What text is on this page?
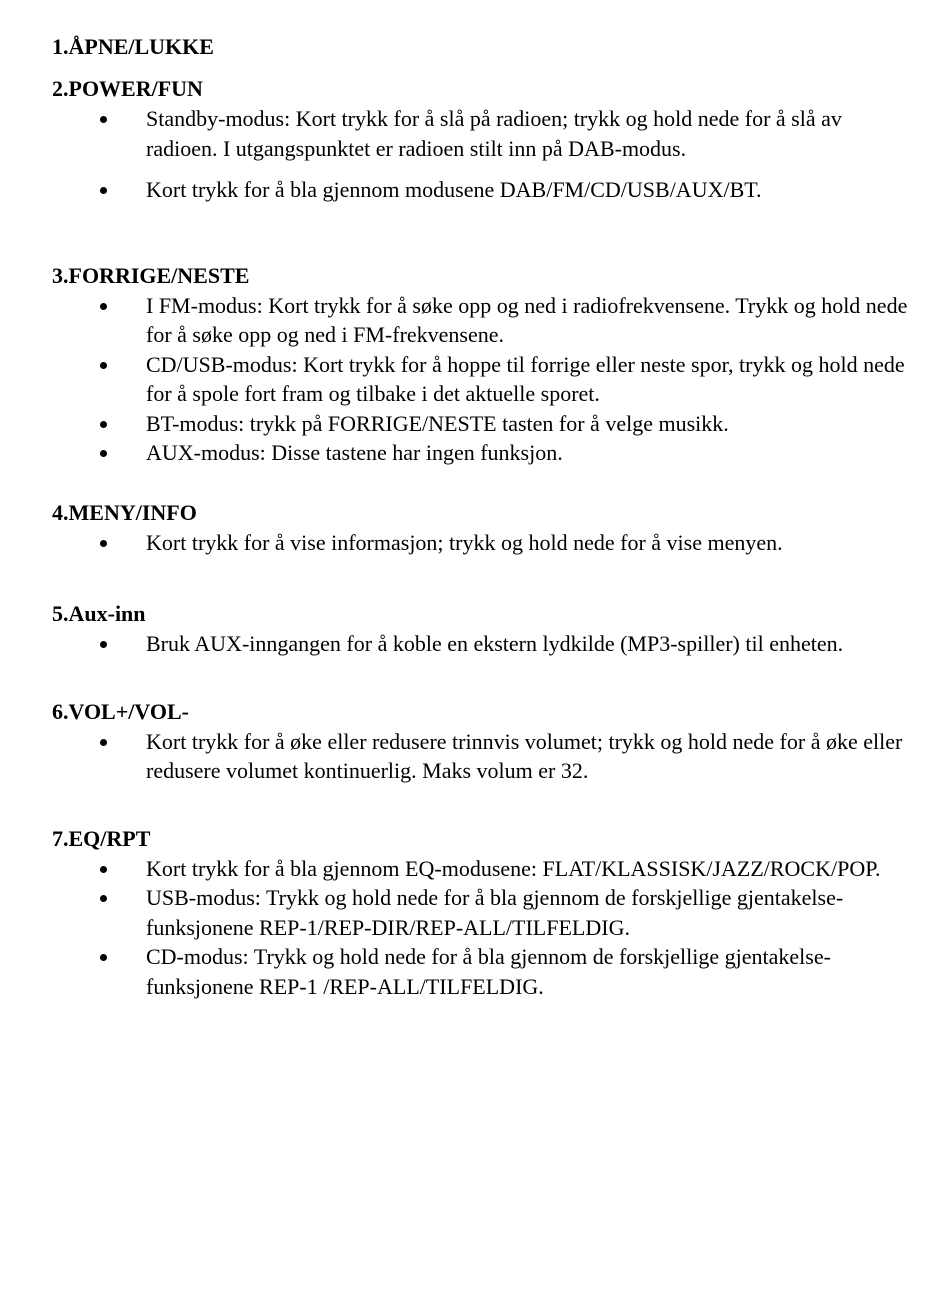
1.ÅPNE/LUKKE
2.POWER/FUN
Standby-modus: Kort trykk for å slå på radioen; trykk og hold nede for å slå av radioen. I utgangspunktet er radioen stilt inn på DAB-modus.
Kort trykk for å bla gjennom modusene DAB/FM/CD/USB/AUX/BT.
3.FORRIGE/NESTE
I FM-modus: Kort trykk for å søke opp og ned i radiofrekvensene. Trykk og hold nede for å søke opp og ned i FM-frekvensene.
CD/USB-modus: Kort trykk for å hoppe til forrige eller neste spor, trykk og hold nede for å spole fort fram og tilbake i det aktuelle sporet.
BT-modus: trykk på FORRIGE/NESTE tasten for å velge musikk.
AUX-modus: Disse tastene har ingen funksjon.
4.MENY/INFO
Kort trykk for å vise informasjon; trykk og hold nede for å vise menyen.
5.Aux-inn
Bruk AUX-inngangen for å koble en ekstern lydkilde (MP3-spiller) til enheten.
6.VOL+/VOL-
Kort trykk for å øke eller redusere trinnvis volumet; trykk og hold nede for å øke eller redusere volumet kontinuerlig. Maks volum er 32.
7.EQ/RPT
Kort trykk for å bla gjennom EQ-modusene: FLAT/KLASSISK/JAZZ/ROCK/POP.
USB-modus: Trykk og hold nede for å bla gjennom de forskjellige gjentakelse-funksjonene REP-1/REP-DIR/REP-ALL/TILFELDIG.
CD-modus: Trykk og hold nede for å bla gjennom de forskjellige gjentakelse-funksjonene REP-1 /REP-ALL/TILFELDIG.
